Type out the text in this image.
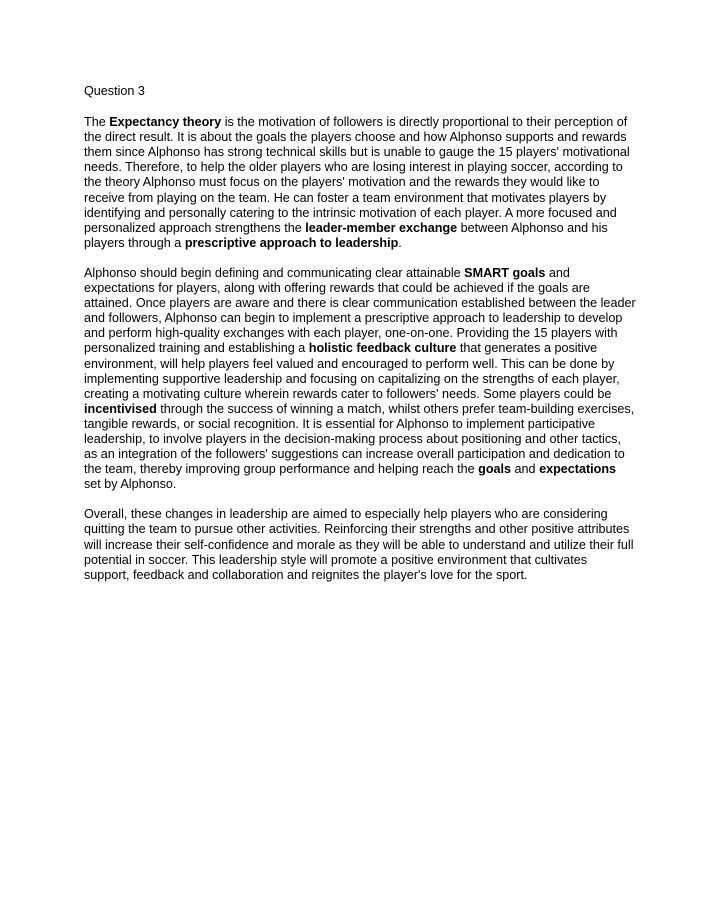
Question 3

The Expectancy theory is the motivation of followers is directly proportional to their perception of the direct result. It is about the goals the players choose and how Alphonso supports and rewards them since Alphonso has strong technical skills but is unable to gauge the 15 players' motivational needs. Therefore, to help the older players who are losing interest in playing soccer, according to the theory Alphonso must focus on the players' motivation and the rewards they would like to receive from playing on the team. He can foster a team environment that motivates players by identifying and personally catering to the intrinsic motivation of each player. A more focused and personalized approach strengthens the leader-member exchange between Alphonso and his players through a prescriptive approach to leadership.

Alphonso should begin defining and communicating clear attainable SMART goals and expectations for players, along with offering rewards that could be achieved if the goals are attained. Once players are aware and there is clear communication established between the leader and followers, Alphonso can begin to implement a prescriptive approach to leadership to develop and perform high-quality exchanges with each player, one-on-one. Providing the 15 players with personalized training and establishing a holistic feedback culture that generates a positive environment, will help players feel valued and encouraged to perform well. This can be done by implementing supportive leadership and focusing on capitalizing on the strengths of each player, creating a motivating culture wherein rewards cater to followers' needs. Some players could be incentivised through the success of winning a match, whilst others prefer team-building exercises, tangible rewards, or social recognition. It is essential for Alphonso to implement participative leadership, to involve players in the decision-making process about positioning and other tactics, as an integration of the followers' suggestions can increase overall participation and dedication to the team, thereby improving group performance and helping reach the goals and expectations set by Alphonso.

Overall, these changes in leadership are aimed to especially help players who are considering quitting the team to pursue other activities. Reinforcing their strengths and other positive attributes will increase their self-confidence and morale as they will be able to understand and utilize their full potential in soccer. This leadership style will promote a positive environment that cultivates support, feedback and collaboration and reignites the player's love for the sport.
